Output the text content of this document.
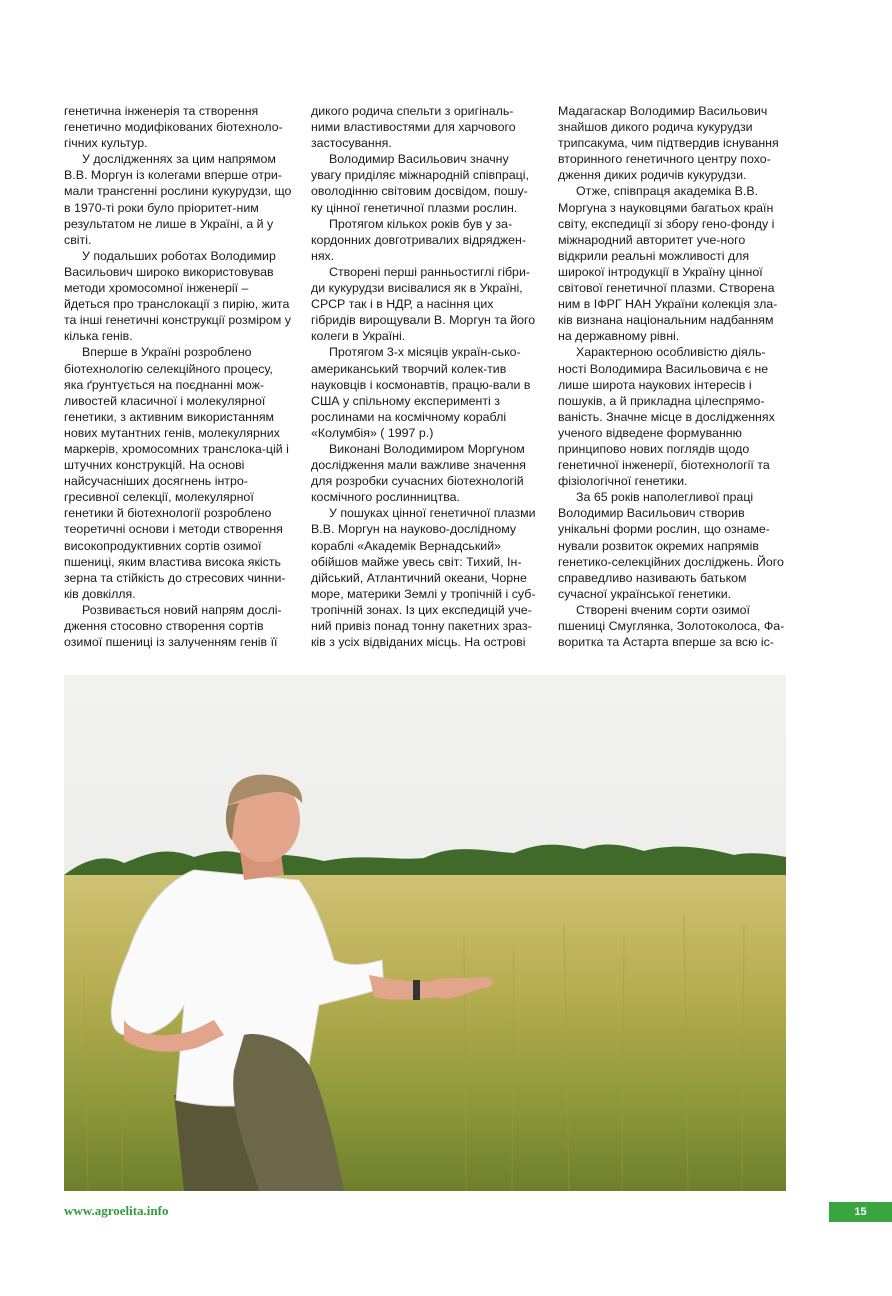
генетична інженерія та створення генетично модифікованих біотехноло-гічних культур.

У дослідженнях за цим напрямом В.В. Моргун із колегами вперше отри-мали трансгенні рослини кукурудзи, що в 1970-ті роки було пріоритет-ним результатом не лише в Україні, а й у світі.

У подальших роботах Володимир Васильович широко використовував методи хромосомної інженерії – йдеться про транслокації з пирію, жита та інші генетичні конструкції розміром у кілька генів.

Вперше в Україні розроблено біотехнологію селекційного процесу, яка ґрунтується на поєднанні мож-ливостей класичної і молекулярної генетики, з активним використанням нових мутантних генів, молекулярних маркерів, хромосомних транслока-цій і штучних конструкцій. На основі найсучасніших досягнень інтро-гресивної селекції, молекулярної генетики й біотехнології розроблено теоретичні основи і методи створення високопродуктивних сортів озимої пшениці, яким властива висока якість зерна та стійкість до стресових чинни-ків довкілля.

Розвивається новий напрям дослі-дження стосовно створення сортів озимої пшениці із залученням генів її

дикого родича спельти з оригіналь-ними властивостями для харчового застосування.

Володимир Васильович значну увагу приділяє міжнародній співпраці, оволодінню світовим досвідом, пошу-ку цінної генетичної плазми рослин.

Протягом кількох років був у за-кордонних довготривалих відряджен-нях.

Створені перші ранньостиглі гібри-ди кукурудзи висівалися як в Україні, СРСР так і в НДР, а насіння цих гібридів вирощували В. Моргун та його колеги в Україні.

Протягом 3-х місяців україн-сько-американський творчий колек-тив науковців і космонавтів, працю-вали в США у спільному експерименті з рослинами на космічному кораблі «Колумбія» ( 1997 р.)

Виконані Володимиром Моргуном дослідження мали важливе значення для розробки сучасних біотехнологій космічного рослинництва.

У пошуках цінної генетичної плазми В.В. Моргун на науково-дослідному кораблі «Академік Вернадський» обійшов майже увесь світ: Тихий, Ін-дійський, Атлантичний океани, Чорне море, материки Землі у тропічній і суб-тропічній зонах. Із цих експедицій уче-ний привіз понад тонну пакетних зраз-ків з усіх відвіданих місць. На острові

Мадагаскар Володимир Васильович знайшов дикого родича кукурудзи трипсакума, чим підтвердив існування вторинного генетичного центру похо-дження диких родичів кукурудзи.

Отже, співпраця академіка В.В. Моргуна з науковцями багатьох країн світу, експедиції зі збору гено-фонду і міжнародний авторитет уче-ного відкрили реальні можливості для широкої інтродукції в Україну цінної світової генетичної плазми. Створена ним в ІФРГ НАН України колекція зла-ків визнана національним надбанням на державному рівні.

Характерною особливістю діяль-ності Володимира Васильовича є не лише широта наукових інтересів і пошуків, а й прикладна цілеспрямо-ваність. Значне місце в дослідженнях ученого відведене формуванню принципово нових поглядів щодо генетичної інженерії, біотехнології та фізіологічної генетики.

За 65 років наполегливої праці Володимир Васильович створив унікальні форми рослин, що ознаме-нували розвиток окремих напрямів генетико-селекційних досліджень. Його справедливо називають батьком сучасної української генетики.

Створені вченим сорти озимої пшениці Смуглянка, Золотоколоса, Фа-воритка та Астарта вперше за всю іс-

www.agroelita.info	15
